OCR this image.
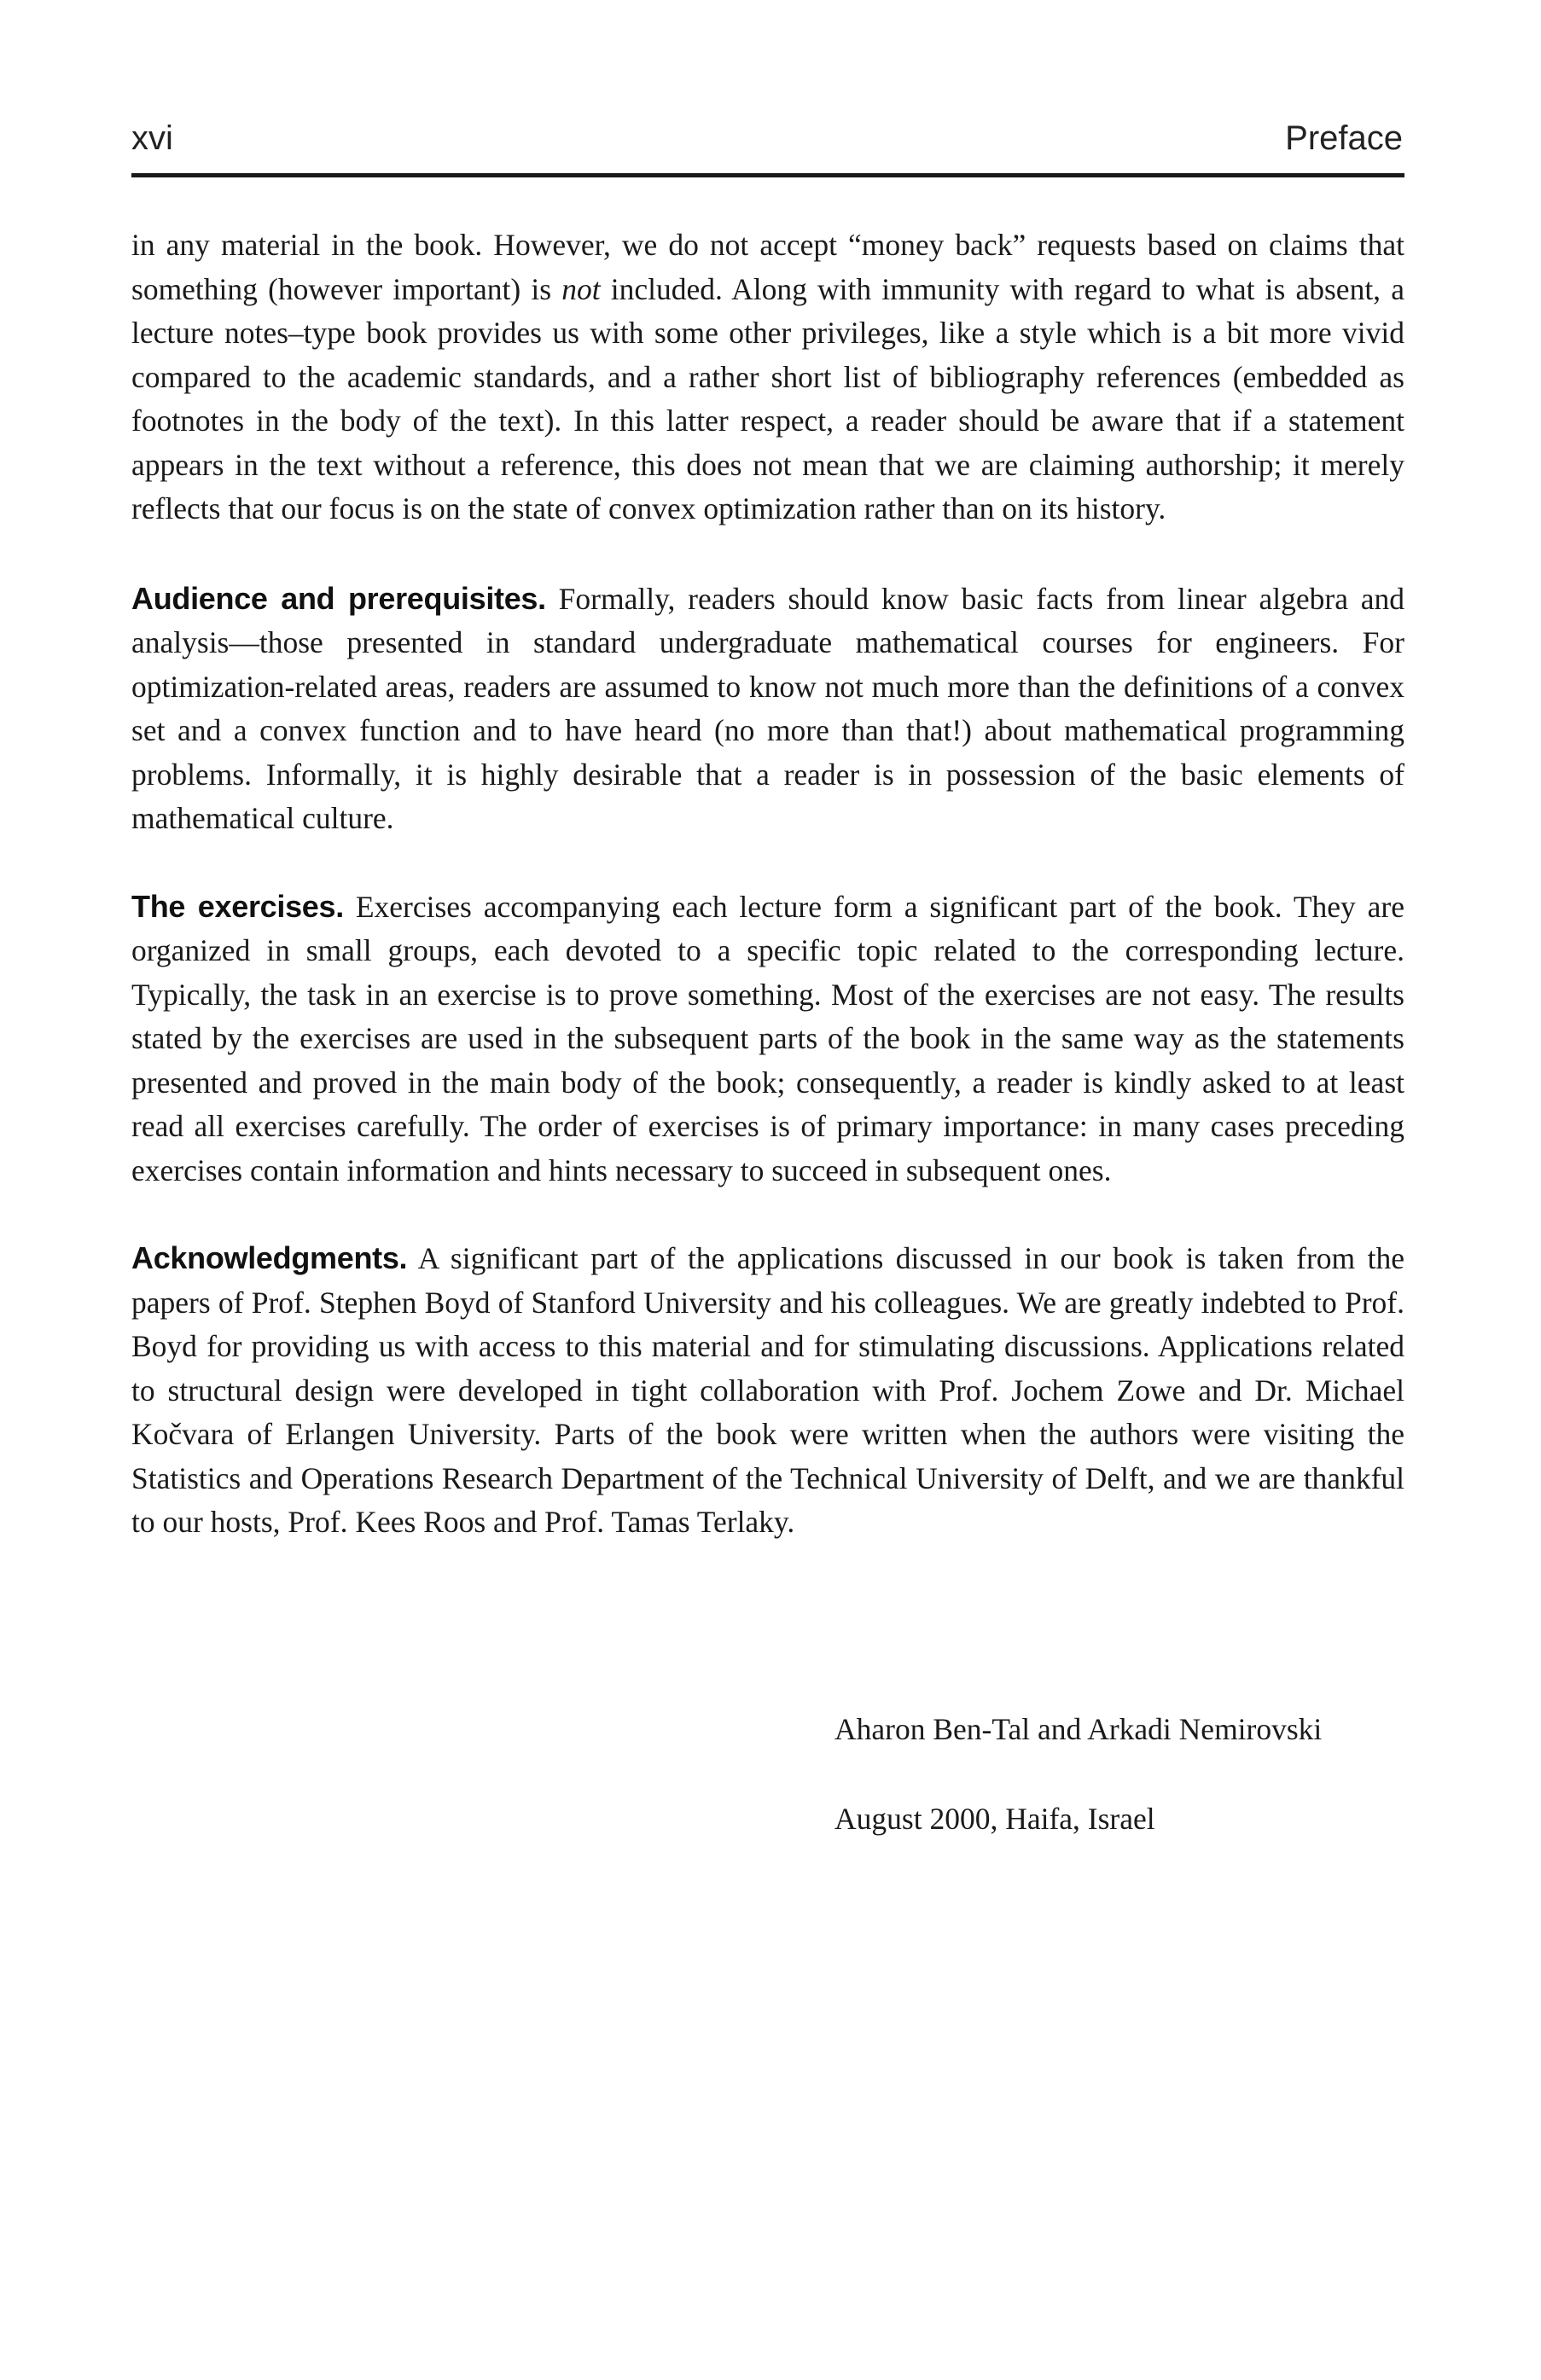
xvi	Preface

in any material in the book. However, we do not accept “money back” requests based on claims that something (however important) is not included. Along with immunity with regard to what is absent, a lecture notes–type book provides us with some other privileges, like a style which is a bit more vivid compared to the academic standards, and a rather short list of bibliography references (embedded as footnotes in the body of the text). In this latter respect, a reader should be aware that if a statement appears in the text without a reference, this does not mean that we are claiming authorship; it merely reflects that our focus is on the state of convex optimization rather than on its history.

Audience and prerequisites. Formally, readers should know basic facts from linear algebra and analysis—those presented in standard undergraduate mathematical courses for engineers. For optimization-related areas, readers are assumed to know not much more than the definitions of a convex set and a convex function and to have heard (no more than that!) about mathematical programming problems. Informally, it is highly desirable that a reader is in possession of the basic elements of mathematical culture.

The exercises. Exercises accompanying each lecture form a significant part of the book. They are organized in small groups, each devoted to a specific topic related to the corresponding lecture. Typically, the task in an exercise is to prove something. Most of the exercises are not easy. The results stated by the exercises are used in the subsequent parts of the book in the same way as the statements presented and proved in the main body of the book; consequently, a reader is kindly asked to at least read all exercises carefully. The order of exercises is of primary importance: in many cases preceding exercises contain information and hints necessary to succeed in subsequent ones.

Acknowledgments. A significant part of the applications discussed in our book is taken from the papers of Prof. Stephen Boyd of Stanford University and his colleagues. We are greatly indebted to Prof. Boyd for providing us with access to this material and for stimulating discussions. Applications related to structural design were developed in tight collaboration with Prof. Jochem Zowe and Dr. Michael Kočvara of Erlangen University. Parts of the book were written when the authors were visiting the Statistics and Operations Research Department of the Technical University of Delft, and we are thankful to our hosts, Prof. Kees Roos and Prof. Tamas Terlaky.

Aharon Ben-Tal and Arkadi Nemirovski
August 2000, Haifa, Israel
